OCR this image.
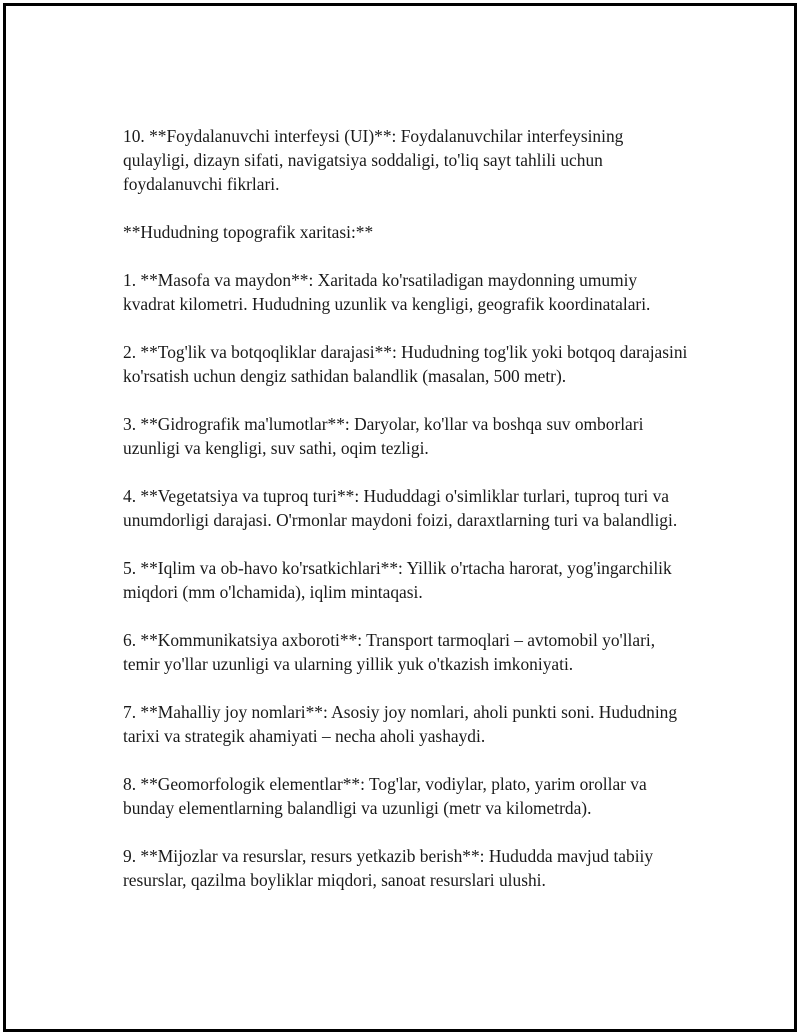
10. **Foydalanuvchi interfeysi (UI)**: Foydalanuvchilar interfeysining qulayligi, dizayn sifati, navigatsiya soddaligi, to'liq sayt tahlili uchun foydalanuvchi fikrlari.

**Hududning topografik xaritasi:**

1. **Masofa va maydon**: Xaritada ko'rsatiladigan maydonning umumiy kvadrat kilometri. Hududning uzunlik va kengligi, geografik koordinatalari.

2. **Tog'lik va botqoqliklar darajasi**: Hududning tog'lik yoki botqoq darajasini ko'rsatish uchun dengiz sathidan balandlik (masalan, 500 metr).

3. **Gidrografik ma'lumotlar**: Daryolar, ko'llar va boshqa suv omborlari uzunligi va kengligi, suv sathi, oqim tezligi.

4. **Vegetatsiya va tuproq turi**: Hududdagi o'simliklar turlari, tuproq turi va unumdorligi darajasi. O'rmonlar maydoni foizi, daraxtlarning turi va balandligi.

5. **Iqlim va ob-havo ko'rsatkichlari**: Yillik o'rtacha harorat, yog'ingarchilik miqdori (mm o'lchamida), iqlim mintaqasi.

6. **Kommunikatsiya axboroti**: Transport tarmoqlari – avtomobil yo'llari, temir yo'llar uzunligi va ularning yillik yuk o'tkazish imkoniyati.

7. **Mahalliy joy nomlari**: Asosiy joy nomlari, aholi punkti soni. Hududning tarixi va strategik ahamiyati – necha aholi yashaydi.

8. **Geomorfologik elementlar**: Tog'lar, vodiylar, plato, yarim orollar va bunday elementlarning balandligi va uzunligi (metr va kilometrda).

9. **Mijozlar va resurslar, resurs yetkazib berish**: Hududda mavjud tabiiy resurslar, qazilma boyliklar miqdori, sanoat resurslari ulushi.
